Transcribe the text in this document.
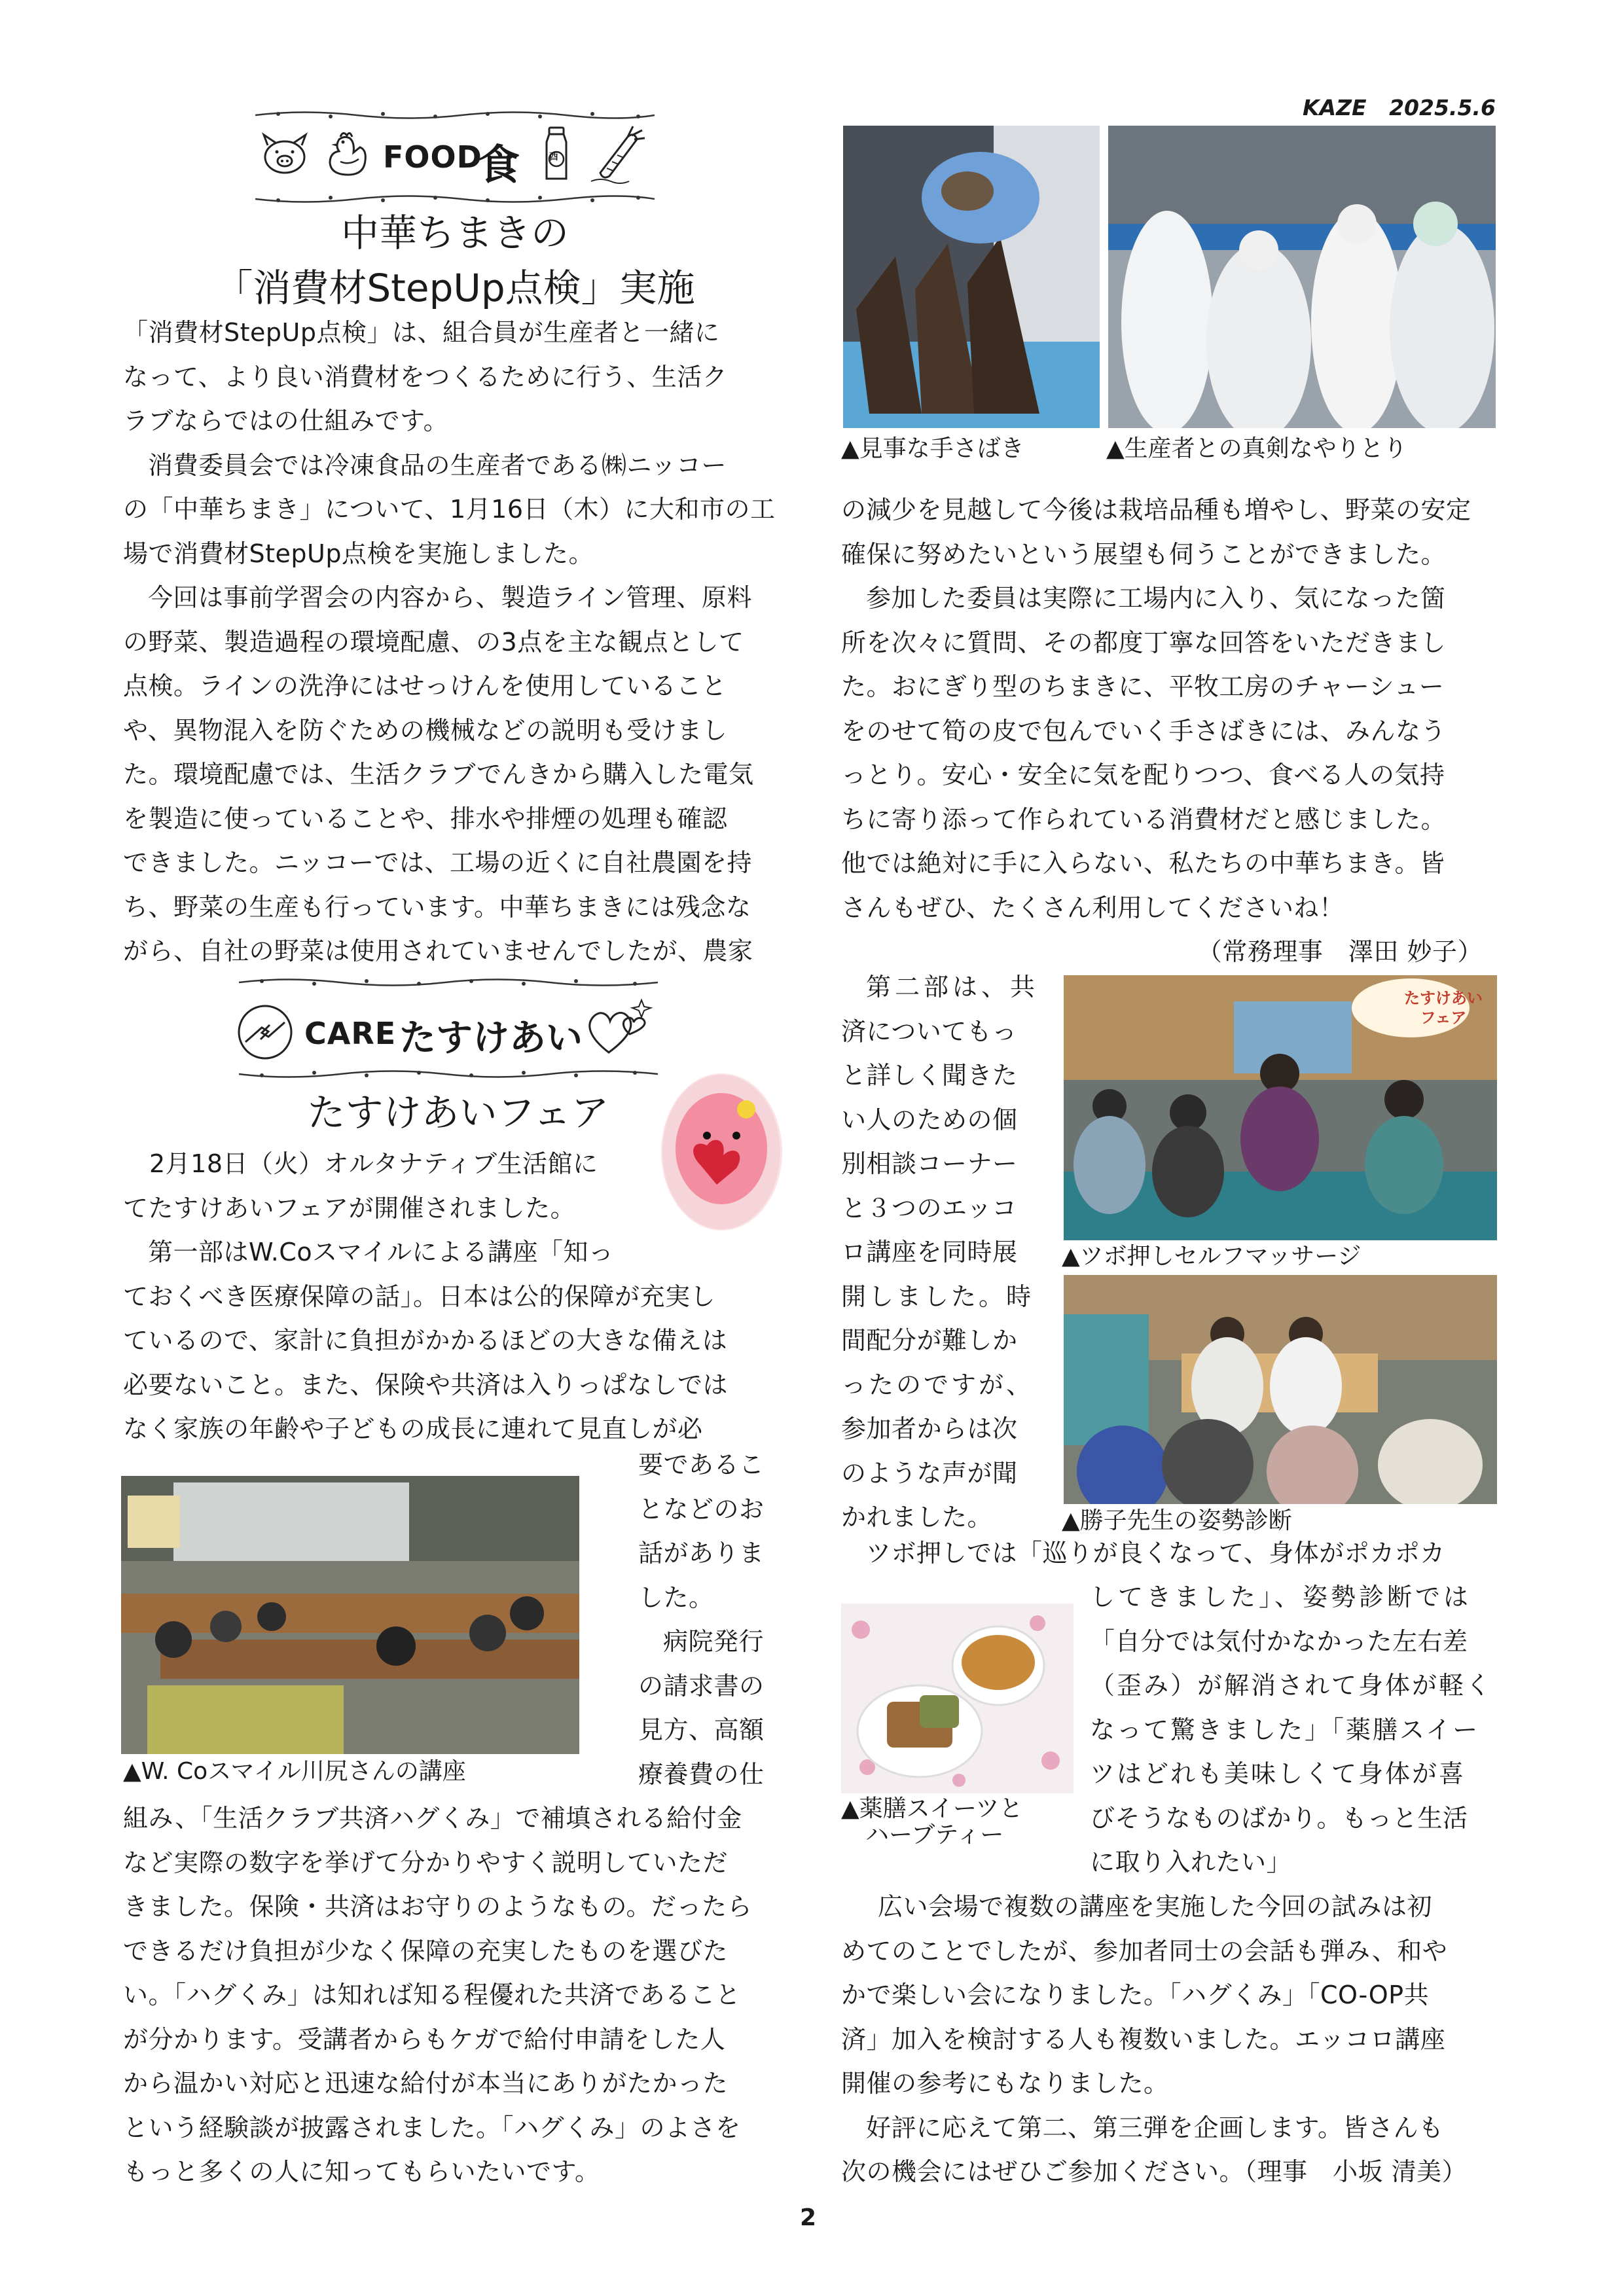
KAZE 2025.5.6
FOOD
食	酉
中華ちまきの
「消費材StepUp点検」実施

「消費材StepUp点検」は、組合員が生産者と一緒に

なって、より良い消費材をつくるために行う、生活ク

ラブならではの仕組みです。

消費委員会では冷凍食品の生産者である㈱ニッコー

の「中華ちまき」について、1月16日（木）に大和市の工

場で消費材StepUp点検を実施しました。

今回は事前学習会の内容から、製造ライン管理、原料

の野菜、製造過程の環境配慮、の3点を主な観点として

点検。ラインの洗浄にはせっけんを使用していること

や、異物混入を防ぐための機械などの説明も受けまし

た。環境配慮では、生活クラブでんきから購入した電気

を製造に使っていることや、排水や排煙の処理も確認

できました。ニッコーでは、工場の近くに自社農園を持

ち、野菜の生産も行っています。中華ちまきには残念な

がら、自社の野菜は使用されていませんでしたが、農家

▲見事な手さばき	▲生産者との真剣なやりとり

の減少を見越して今後は栽培品種も増やし、野菜の安定

確保に努めたいという展望も伺うことができました。

参加した委員は実際に工場内に入り、気になった箇

所を次々に質問、その都度丁寧な回答をいただきまし

た。おにぎり型のちまきに、平牧工房のチャーシュー

をのせて筍の皮で包んでいく手さばきには、みんなう

っとり。安心・安全に気を配りつつ、食べる人の気持

ちに寄り添って作られている消費材だと感じました。

他では絶対に手に入らない、私たちの中華ちまき。皆

さんもぜひ、たくさん利用してくださいね！

（常務理事　澤田 妙子）

CARE たすけあい
たすけあいフェア

2月18日（火）オルタナティブ生活館に

てたすけあいフェアが開催されました。

第一部はW.Coスマイルによる講座「知っ

ておくべき医療保障の話」。日本は公的保障が充実し

ているので、家計に負担がかかるほどの大きな備えは

必要ないこと。また、保険や共済は入りっぱなしでは

なく家族の年齢や子どもの成長に連れて見直しが必

▲W. Coスマイル川尻さんの講座

要であるこ

となどのお

話がありま

した。

病院発行

の請求書の

見方、高額

療養費の仕

組み、「生活クラブ共済ハグくみ」で補填される給付金

など実際の数字を挙げて分かりやすく説明していただ

きました。保険・共済はお守りのようなもの。だったら

できるだけ負担が少なく保障の充実したものを選びた

い。「ハグくみ」は知れば知る程優れた共済であること

が分かります。受講者からもケガで給付申請をした人

から温かい対応と迅速な給付が本当にありがたかった

という経験談が披露されました。「ハグくみ」のよさを

もっと多くの人に知ってもらいたいです。

第二部は、共

済についてもっ

と詳しく聞きた

い人のための個

別相談コーナー

と３つのエッコ

ロ講座を同時展

開しました。時

間配分が難しか

ったのですが、

参加者からは次

のような声が聞

かれました。

たすけあい フェア

▲ツボ押しセルフマッサージ

▲勝子先生の姿勢診断

ツボ押しでは「巡りが良くなって、身体がポカポカ

▲薬膳スイーツと

ハーブティー

してきました」、姿勢診断では

「自分では気付かなかった左右差

（歪み）が解消されて身体が軽く

なって驚きました」「薬膳スイー

ツはどれも美味しくて身体が喜

びそうなものばかり。もっと生活

に取り入れたい」

広い会場で複数の講座を実施した今回の試みは初

めてのことでしたが、参加者同士の会話も弾み、和や

かで楽しい会になりました。「ハグくみ」「CO-OP共

済」加入を検討する人も複数いました。エッコロ講座

開催の参考にもなりました。

好評に応えて第二、第三弾を企画します。皆さんも

次の機会にはぜひご参加ください。（理事　小坂 清美）

2
